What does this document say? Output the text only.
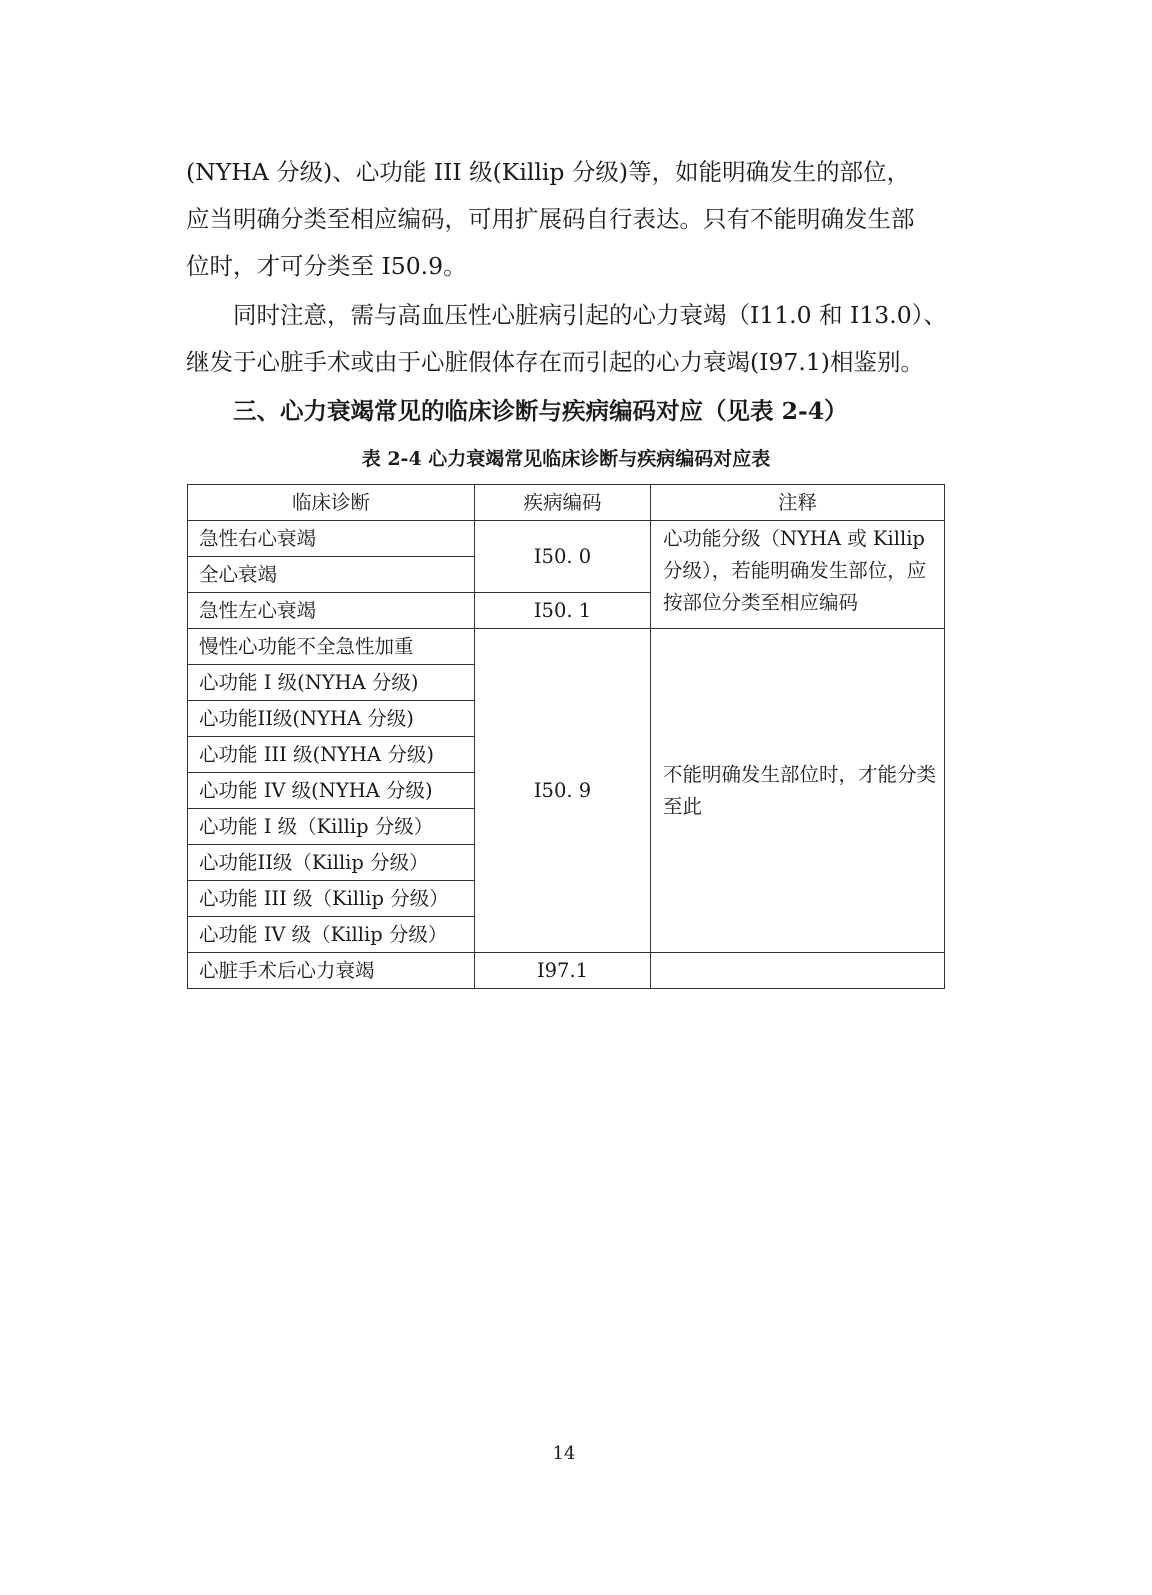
(NYHA 分级)、心功能 III 级(Killip 分级)等，如能明确发生的部位，
应当明确分类至相应编码，可用扩展码自行表达。只有不能明确发生部
位时，才可分类至 I50.9。
　　同时注意，需与高血压性心脏病引起的心力衰竭（I11.0 和 I13.0）、
继发于心脏手术或由于心脏假体存在而引起的心力衰竭(I97.1)相鉴别。
三、心力衰竭常见的临床诊断与疾病编码对应（见表 2-4）
表 2-4 心力衰竭常见临床诊断与疾病编码对应表
临床诊断	疾病编码	注释
急性右心衰竭	I50. 0	心功能分级（NYHA 或 Killip 分级），若能明确发生部位，应按部位分类至相应编码
全心衰竭		
急性左心衰竭	I50. 1	
慢性心功能不全急性加重	I50. 9	不能明确发生部位时，才能分类至此
心功能 I 级(NYHA 分级)		
心功能II级(NYHA 分级)		
心功能 III 级(NYHA 分级)		
心功能 IV 级(NYHA 分级)		
心功能 I 级（Killip 分级）		
心功能II级（Killip 分级）		
心功能 III 级（Killip 分级）		
心功能 IV 级（Killip 分级）		
心脏手术后心力衰竭	I97.1	
14
